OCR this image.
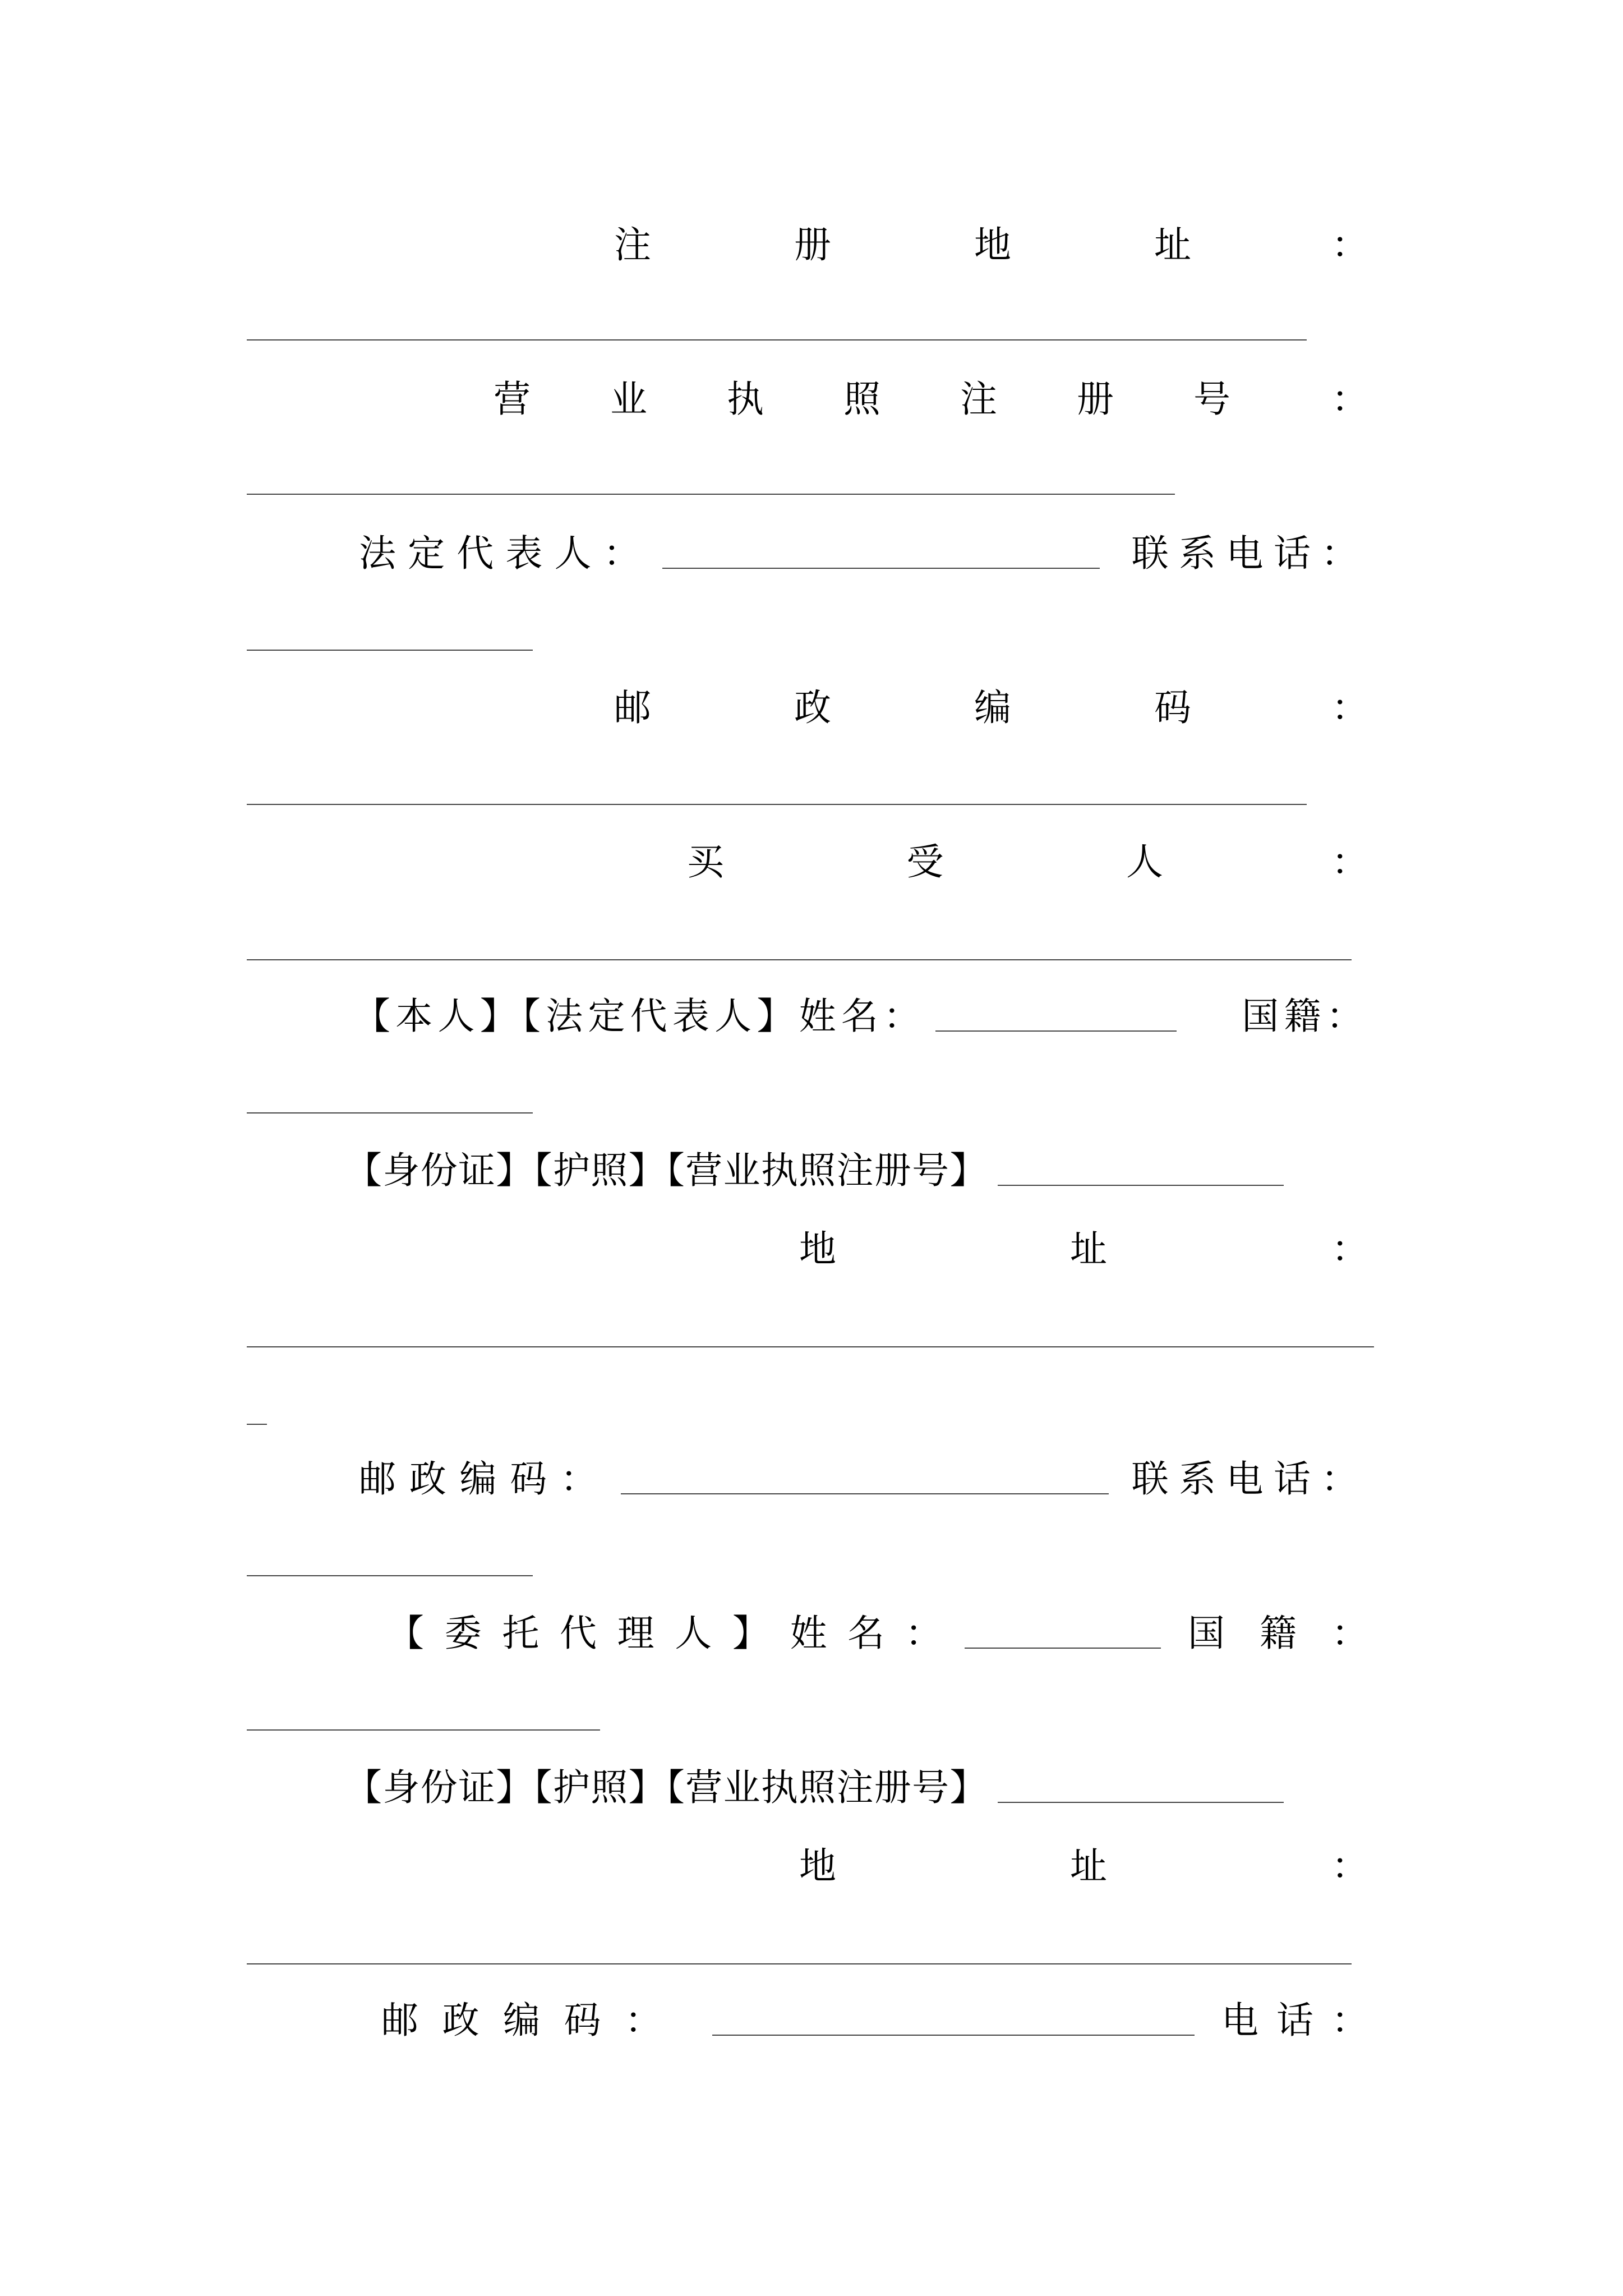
注	册	地	址	：
营 业 执 照 注 册 号	：
法定代表人：	联系电话：
邮	政	编	码	：
买	受	人	：
【本人】【法定代表人】姓名：	国籍：
【身份证】【护照】【营业执照注册号】
地	址	：
邮政编码：	联系电话：
【 委 托 代 理 人 】 姓 名 ：	国 籍 ：
【身份证】【护照】【营业执照注册号】
地	址	：
邮 政 编 码 ：	电 话 ：
